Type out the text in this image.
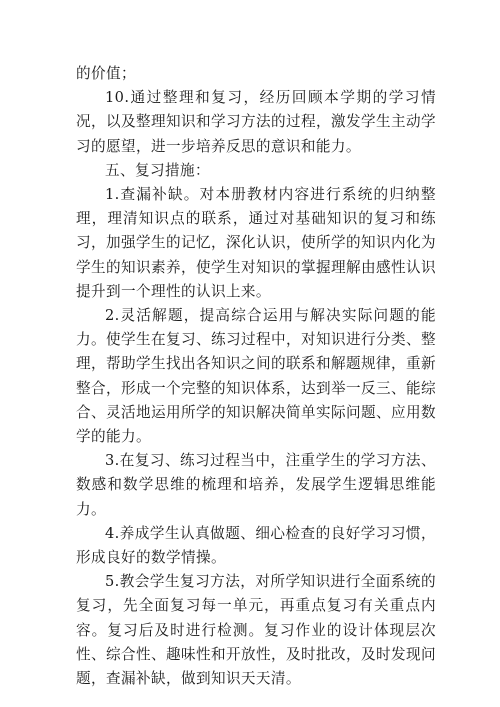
的价值；

10.通过整理和复习，经历回顾本学期的学习情况，以及整理知识和学习方法的过程，激发学生主动学习的愿望，进一步培养反思的意识和能力。

五、复习措施：

1.查漏补缺。对本册教材内容进行系统的归纳整理，理清知识点的联系，通过对基础知识的复习和练习，加强学生的记忆，深化认识，使所学的知识内化为学生的知识素养，使学生对知识的掌握理解由感性认识提升到一个理性的认识上来。

2.灵活解题，提高综合运用与解决实际问题的能力。使学生在复习、练习过程中，对知识进行分类、整理，帮助学生找出各知识之间的联系和解题规律，重新整合，形成一个完整的知识体系，达到举一反三、能综合、灵活地运用所学的知识解决简单实际问题、应用数学的能力。

3.在复习、练习过程当中，注重学生的学习方法、数感和数学思维的梳理和培养，发展学生逻辑思维能力。

4.养成学生认真做题、细心检查的良好学习习惯，形成良好的数学情操。

5.教会学生复习方法，对所学知识进行全面系统的复习，先全面复习每一单元，再重点复习有关重点内容。复习后及时进行检测。复习作业的设计体现层次性、综合性、趣味性和开放性，及时批改，及时发现问题，查漏补缺，做到知识天天清。
